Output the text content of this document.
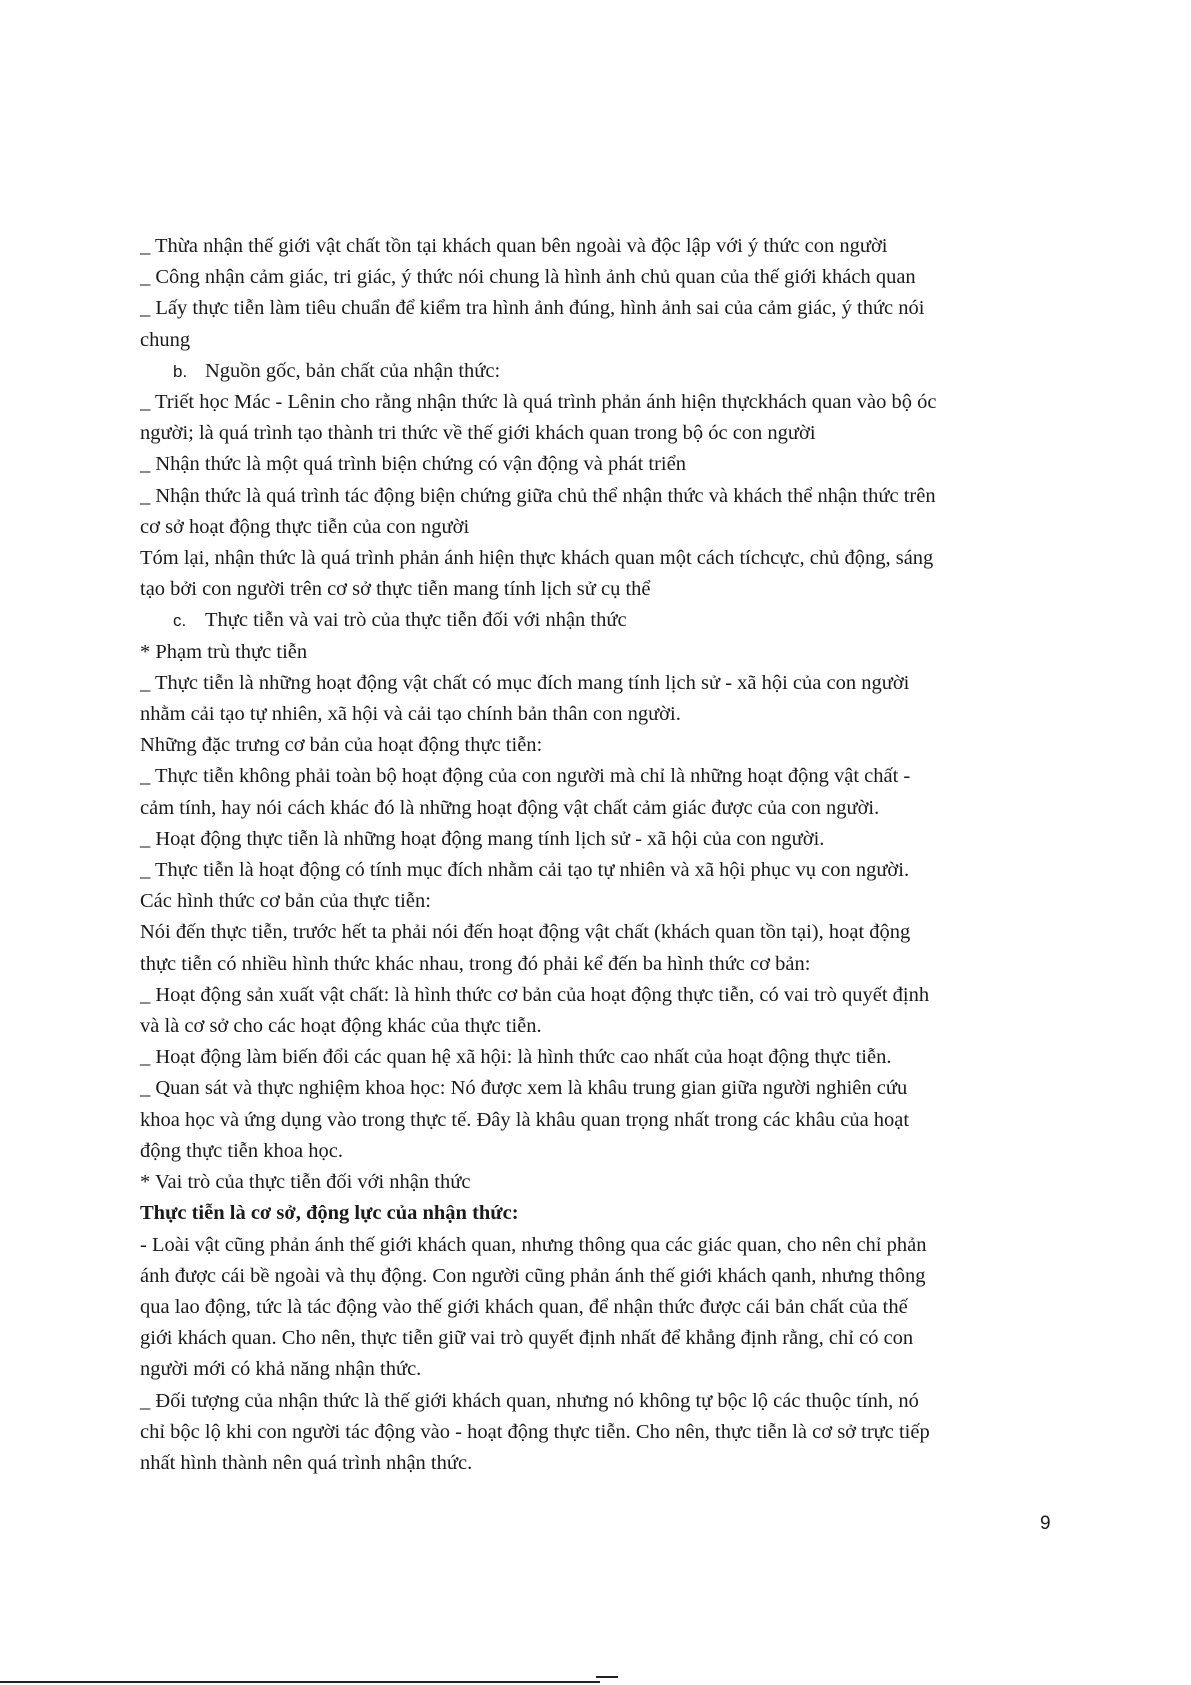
_ Thừa nhận thế giới vật chất tồn tại khách quan bên ngoài và độc lập với ý thức con người

_ Công nhận cảm giác, tri giác, ý thức nói chung là hình ảnh chủ quan của thế giới khách quan

_ Lấy thực tiễn làm tiêu chuẩn để kiểm tra hình ảnh đúng, hình ảnh sai của cảm giác, ý thức nói

chung

b. Nguồn gốc, bản chất của nhận thức:

_ Triết học Mác - Lênin cho rằng nhận thức là quá trình phản ánh hiện thựckhách quan vào bộ óc

người; là quá trình tạo thành tri thức về thế giới khách quan trong bộ óc con người

_ Nhận thức là một quá trình biện chứng có vận động và phát triển

_ Nhận thức là quá trình tác động biện chứng giữa chủ thể nhận thức và khách thể nhận thức trên

cơ sở hoạt động thực tiễn của con người

Tóm lại, nhận thức là quá trình phản ánh hiện thực khách quan một cách tíchcực, chủ động, sáng

tạo bởi con người trên cơ sở thực tiễn mang tính lịch sử cụ thể

c. Thực tiễn và vai trò của thực tiễn đối với nhận thức

* Phạm trù thực tiễn

_ Thực tiễn là những hoạt động vật chất có mục đích mang tính lịch sử - xã hội của con người

nhằm cải tạo tự nhiên, xã hội và cải tạo chính bản thân con người.

Những đặc trưng cơ bản của hoạt động thực tiễn:

_ Thực tiễn không phải toàn bộ hoạt động của con người mà chỉ là những hoạt động vật chất -

cảm tính, hay nói cách khác đó là những hoạt động vật chất cảm giác được của con người.

_ Hoạt động thực tiễn là những hoạt động mang tính lịch sử - xã hội của con người.

_ Thực tiễn là hoạt động có tính mục đích nhằm cải tạo tự nhiên và xã hội phục vụ con người.

Các hình thức cơ bản của thực tiễn:

Nói đến thực tiễn, trước hết ta phải nói đến hoạt động vật chất (khách quan tồn tại), hoạt động

thực tiễn có nhiều hình thức khác nhau, trong đó phải kể đến ba hình thức cơ bản:

_ Hoạt động sản xuất vật chất: là hình thức cơ bản của hoạt động thực tiễn, có vai trò quyết định

và là cơ sở cho các hoạt động khác của thực tiễn.

_ Hoạt động làm biến đổi các quan hệ xã hội: là hình thức cao nhất của hoạt động thực tiễn.

_ Quan sát và thực nghiệm khoa học: Nó được xem là khâu trung gian giữa người nghiên cứu

khoa học và ứng dụng vào trong thực tế. Đây là khâu quan trọng nhất trong các khâu của hoạt

động thực tiễn khoa học.

* Vai trò của thực tiễn đối với nhận thức

Thực tiễn là cơ sở, động lực của nhận thức:

- Loài vật cũng phản ánh thế giới khách quan, nhưng thông qua các giác quan, cho nên chỉ phản

ánh được cái bề ngoài và thụ động. Con người cũng phản ánh thế giới khách qanh, nhưng thông

qua lao động, tức là tác động vào thế giới khách quan, để nhận thức được cái bản chất của thế

giới khách quan. Cho nên, thực tiễn giữ vai trò quyết định nhất để khẳng định rằng, chỉ có con

người mới có khả năng nhận thức.

_ Đối tượng của nhận thức là thế giới khách quan, nhưng nó không tự bộc lộ các thuộc tính, nó

chỉ bộc lộ khi con người tác động vào - hoạt động thực tiễn. Cho nên, thực tiễn là cơ sở trực tiếp

nhất hình thành nên quá trình nhận thức.

9
